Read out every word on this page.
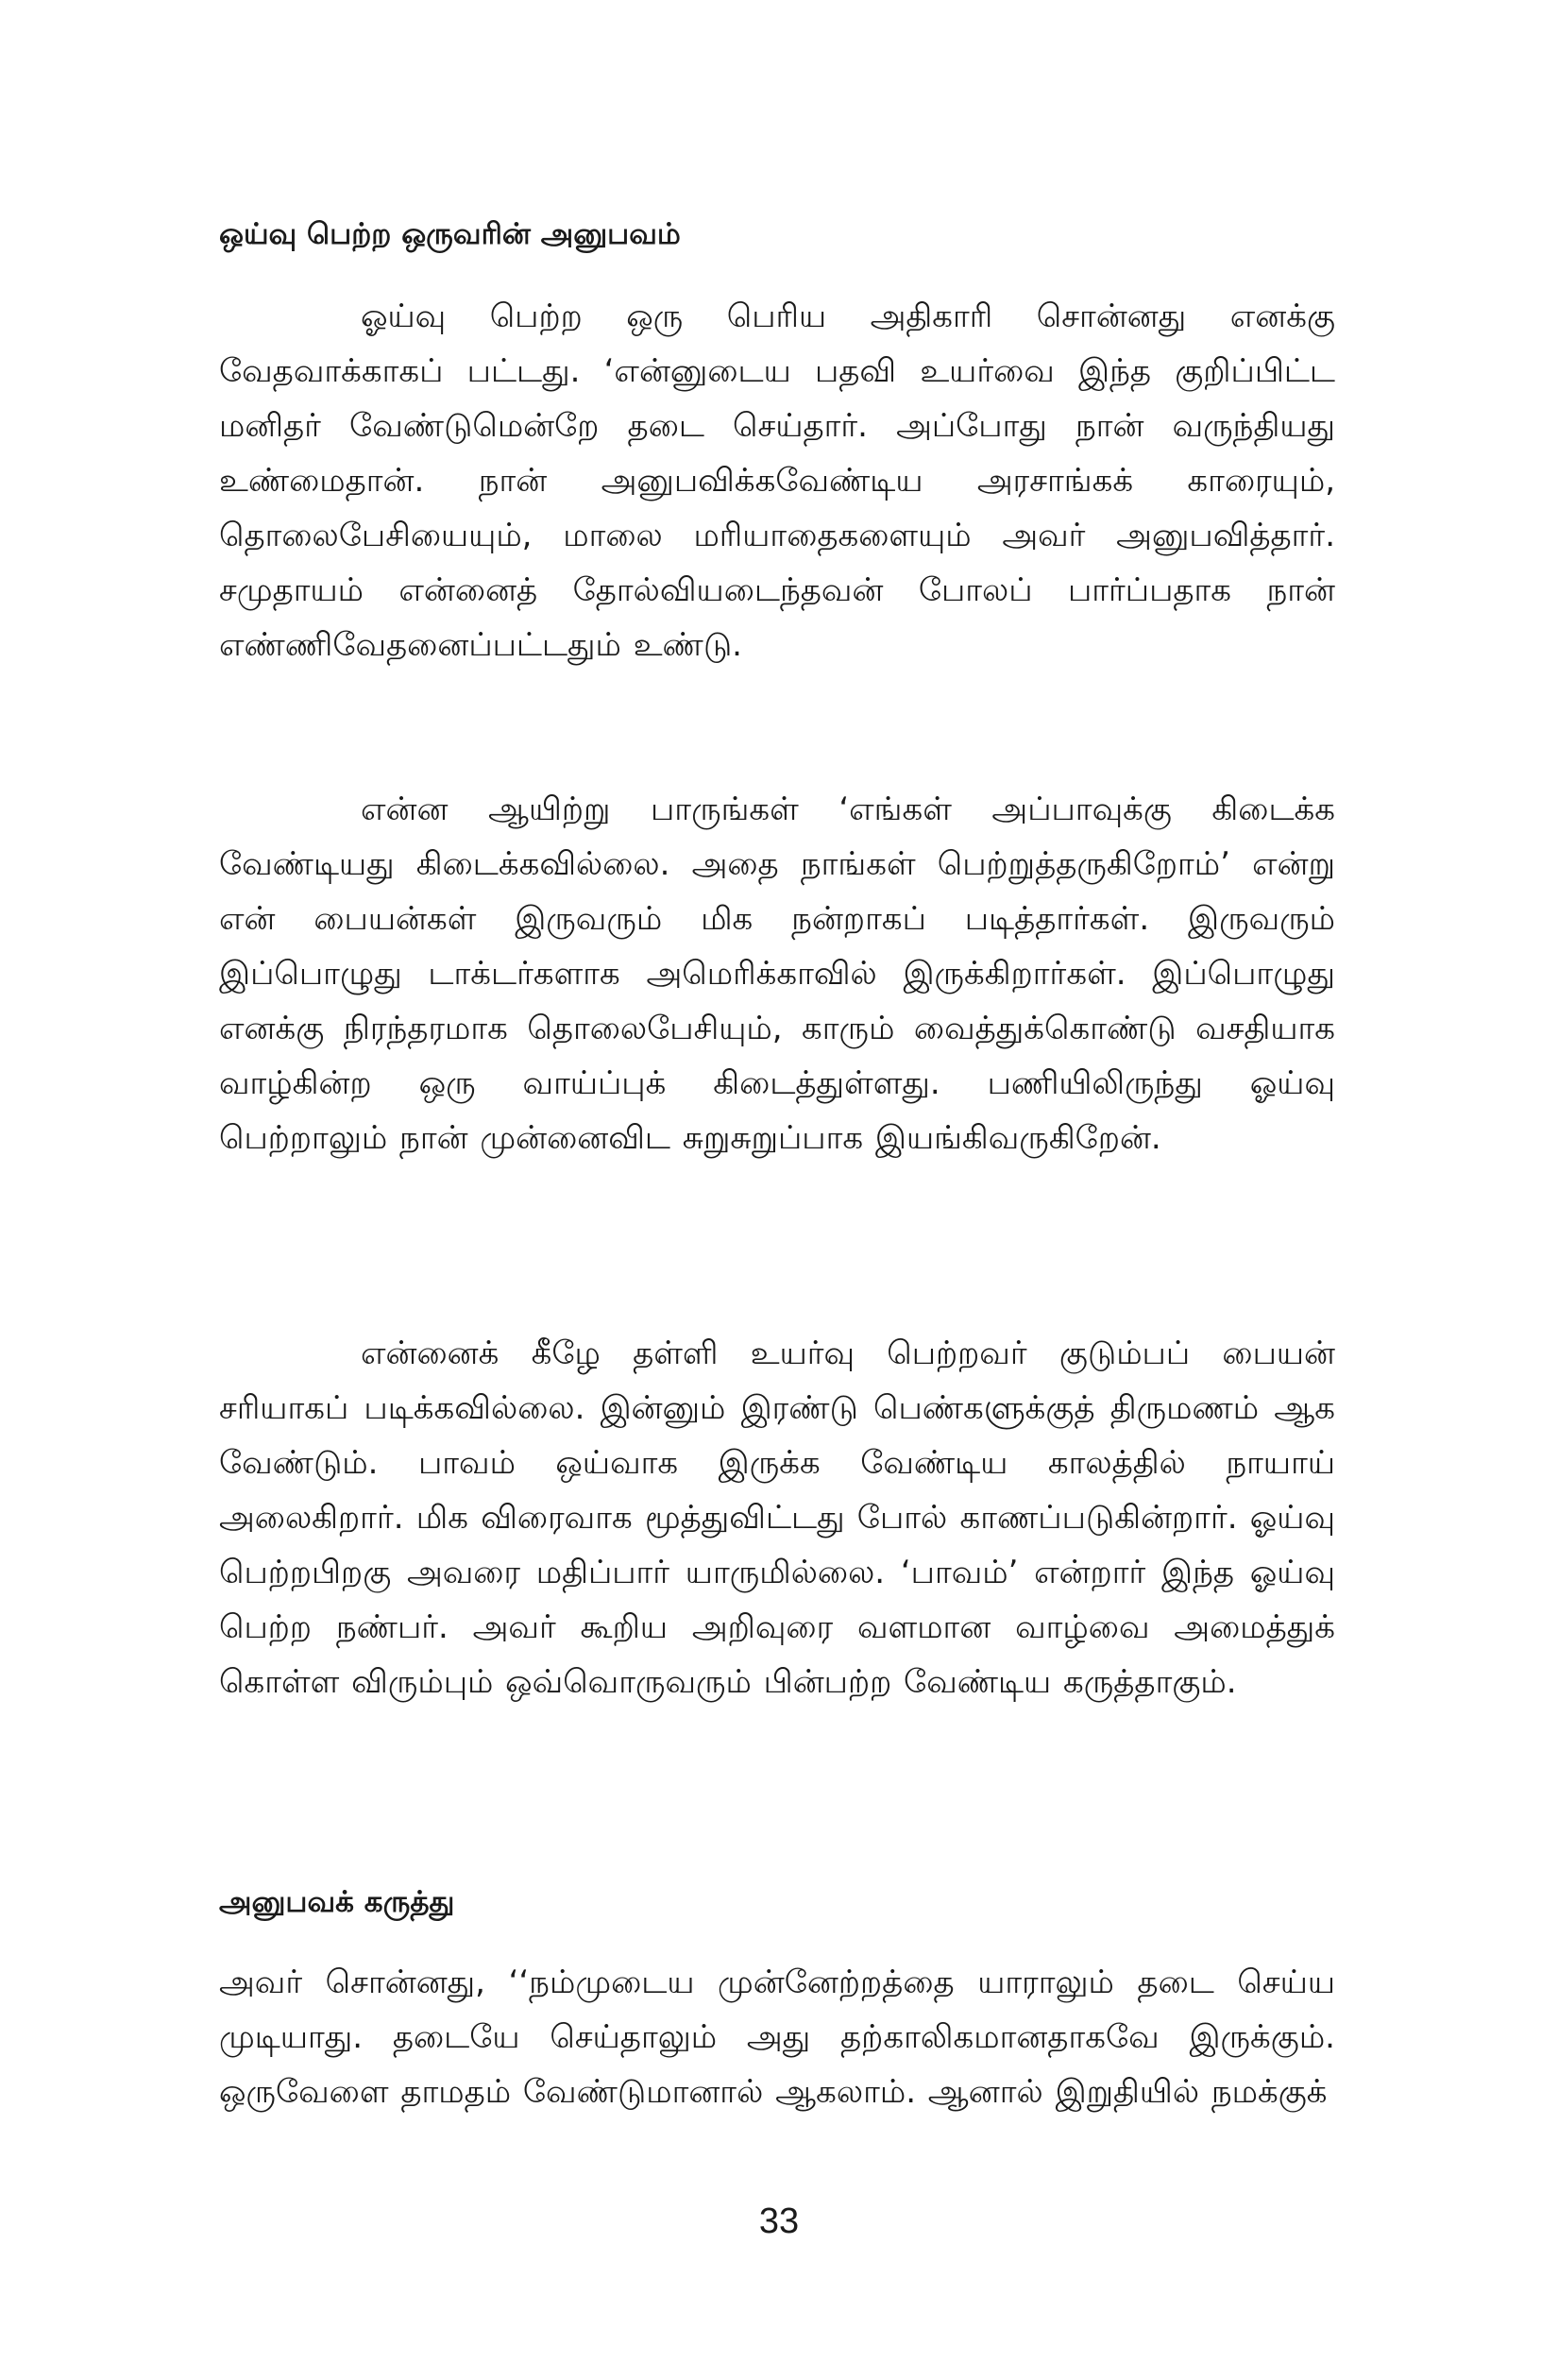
ஒய்வு பெற்ற ஒருவரின் அனுபவம்

ஓய்வு பெற்ற ஒரு பெரிய அதிகாரி சொன்னது எனக்கு வேதவாக்காகப் பட்டது. ‘என்னுடைய பதவி உயர்வை இந்த குறிப்பிட்ட மனிதர் வேண்டுமென்றே தடை செய்தார். அப்போது நான் வருந்தியது உண்மைதான். நான் அனுபவிக்கவேண்டிய அரசாங்கக் காரையும், தொலைபேசியையும், மாலை மரியாதைகளையும் அவர் அனுபவித்தார். சமுதாயம் என்னைத் தோல்வியடைந்தவன் போலப் பார்ப்பதாக நான் எண்ணிவேதனைப்பட்டதும் உண்டு.

என்ன ஆயிற்று பாருங்கள் ‘எங்கள் அப்பாவுக்கு கிடைக்க வேண்டியது கிடைக்கவில்லை. அதை நாங்கள் பெற்றுத்தருகிறோம்’ என்று என் பையன்கள் இருவரும் மிக நன்றாகப் படித்தார்கள். இருவரும் இப்பொழுது டாக்டர்களாக அமெரிக்காவில் இருக்கிறார்கள். இப்பொழுது எனக்கு நிரந்தரமாக தொலைபேசியும், காரும் வைத்துக்கொண்டு வசதியாக வாழ்கின்ற ஒரு வாய்ப்புக் கிடைத்துள்ளது. பணியிலிருந்து ஓய்வு பெற்றாலும் நான் முன்னைவிட சுறுசுறுப்பாக இயங்கிவருகிறேன்.

என்னைக் கீழே தள்ளி உயர்வு பெற்றவர் குடும்பப் பையன் சரியாகப் படிக்கவில்லை. இன்னும் இரண்டு பெண்களுக்குத் திருமணம் ஆக வேண்டும். பாவம் ஒய்வாக இருக்க வேண்டிய காலத்தில் நாயாய் அலைகிறார். மிக விரைவாக மூத்துவிட்டது போல் காணப்படுகின்றார். ஓய்வு பெற்றபிறகு அவரை மதிப்பார் யாருமில்லை. ‘பாவம்’ என்றார் இந்த ஓய்வு பெற்ற நண்பர். அவர் கூறிய அறிவுரை வளமான வாழ்வை அமைத்துக் கொள்ள விரும்பும் ஒவ்வொருவரும் பின்பற்ற வேண்டிய கருத்தாகும்.

அனுபவக் கருத்து

அவர் சொன்னது, ‘‘நம்முடைய முன்னேற்றத்தை யாராலும் தடை செய்ய முடியாது. தடையே செய்தாலும் அது தற்காலிகமானதாகவே இருக்கும். ஒருவேளை தாமதம் வேண்டுமானால் ஆகலாம். ஆனால் இறுதியில் நமக்குக்

33
